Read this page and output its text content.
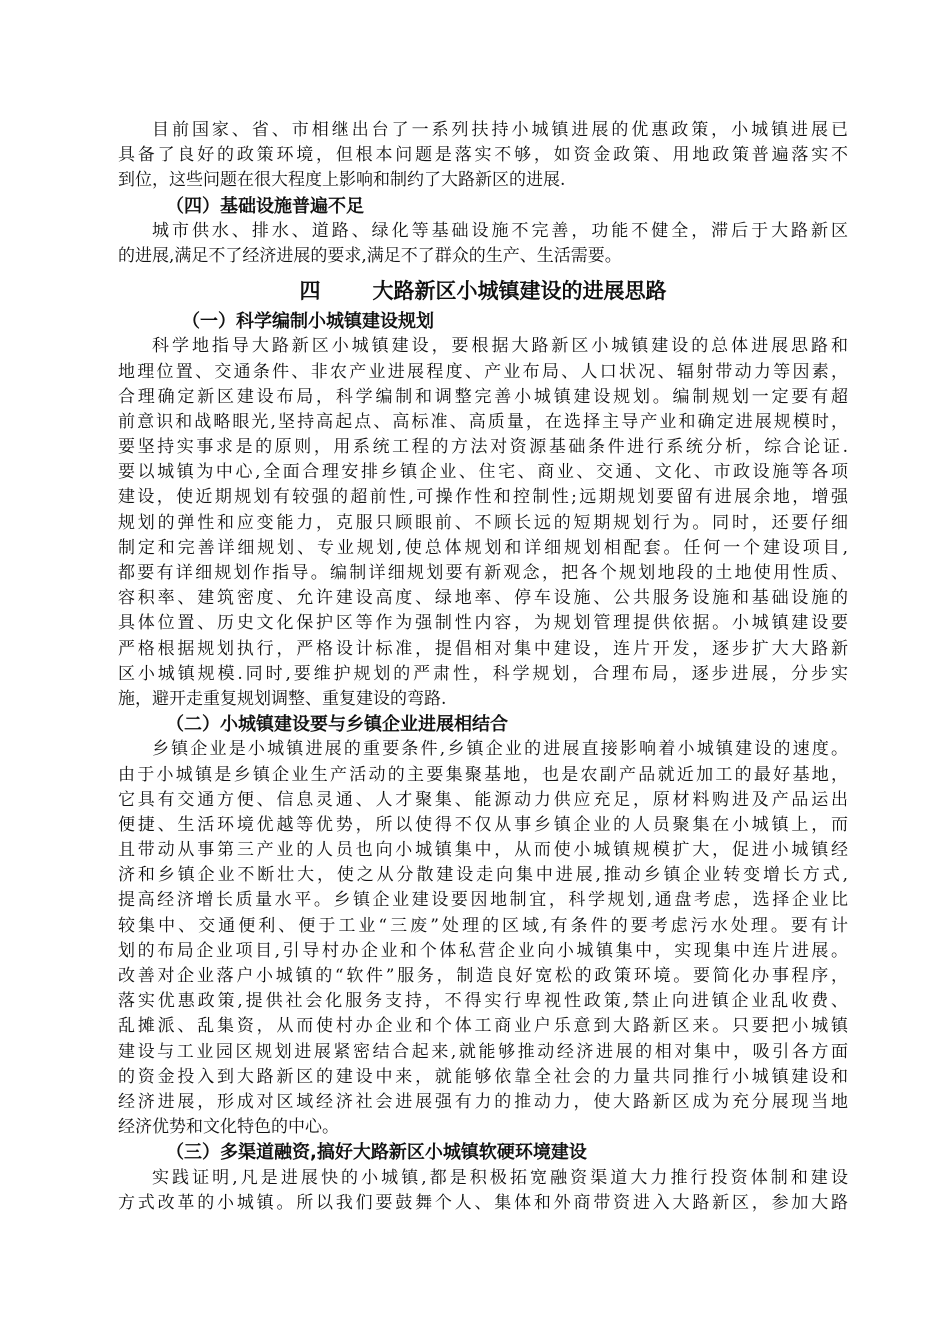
目前国家、省、市相继出台了一系列扶持小城镇进展的优惠政策，小城镇进展已
具备了良好的政策环境，但根本问题是落实不够，如资金政策、用地政策普遍落实不
到位，这些问题在很大程度上影响和制约了大路新区的进展.
（四）基础设施普遍不足
城市供水、排水、道路、绿化等基础设施不完善，功能不健全，滞后于大路新区
的进展,满足不了经济进展的要求,满足不了群众的生产、生活需要。
四 大路新区小城镇建设的进展思路
（一）科学编制小城镇建设规划
科学地指导大路新区小城镇建设，要根据大路新区小城镇建设的总体进展思路和
地理位置、交通条件、非农产业进展程度、产业布局、人口状况、辐射带动力等因素，
合理确定新区建设布局，科学编制和调整完善小城镇建设规划。编制规划一定要有超
前意识和战略眼光,坚持高起点、高标准、高质量，在选择主导产业和确定进展规模时，
要坚持实事求是的原则，用系统工程的方法对资源基础条件进行系统分析，综合论证.
要以城镇为中心,全面合理安排乡镇企业、住宅、商业、交通、文化、市政设施等各项
建设，使近期规划有较强的超前性,可操作性和控制性;远期规划要留有进展余地，增强
规划的弹性和应变能力，克服只顾眼前、不顾长远的短期规划行为。同时，还要仔细
制定和完善详细规划、专业规划,使总体规划和详细规划相配套。任何一个建设项目,
都要有详细规划作指导。编制详细规划要有新观念，把各个规划地段的土地使用性质、
容积率、建筑密度、允许建设高度、绿地率、停车设施、公共服务设施和基础设施的
具体位置、历史文化保护区等作为强制性内容，为规划管理提供依据。小城镇建设要
严格根据规划执行，严格设计标准，提倡相对集中建设，连片开发，逐步扩大大路新
区小城镇规模.同时,要维护规划的严肃性，科学规划，合理布局，逐步进展，分步实
施，避开走重复规划调整、重复建设的弯路.
（二）小城镇建设要与乡镇企业进展相结合
乡镇企业是小城镇进展的重要条件,乡镇企业的进展直接影响着小城镇建设的速度。
由于小城镇是乡镇企业生产活动的主要集聚基地，也是农副产品就近加工的最好基地，
它具有交通方便、信息灵通、人才聚集、能源动力供应充足，原材料购进及产品运出
便捷、生活环境优越等优势，所以使得不仅从事乡镇企业的人员聚集在小城镇上，而
且带动从事第三产业的人员也向小城镇集中，从而使小城镇规模扩大，促进小城镇经
济和乡镇企业不断壮大，使之从分散建设走向集中进展,推动乡镇企业转变增长方式,
提高经济增长质量水平。乡镇企业建设要因地制宜，科学规划,通盘考虑，选择企业比
较集中、交通便利、便于工业“三废”处理的区域,有条件的要考虑污水处理。要有计
划的布局企业项目,引导村办企业和个体私营企业向小城镇集中，实现集中连片进展。
改善对企业落户小城镇的“软件”服务，制造良好宽松的政策环境。要简化办事程序，
落实优惠政策,提供社会化服务支持，不得实行卑视性政策,禁止向进镇企业乱收费、
乱摊派、乱集资，从而使村办企业和个体工商业户乐意到大路新区来。只要把小城镇
建设与工业园区规划进展紧密结合起来,就能够推动经济进展的相对集中，吸引各方面
的资金投入到大路新区的建设中来，就能够依靠全社会的力量共同推行小城镇建设和
经济进展，形成对区域经济社会进展强有力的推动力，使大路新区成为充分展现当地
经济优势和文化特色的中心。
（三）多渠道融资,搞好大路新区小城镇软硬环境建设
实践证明,凡是进展快的小城镇,都是积极拓宽融资渠道大力推行投资体制和建设
方式改革的小城镇。所以我们要鼓舞个人、集体和外商带资进入大路新区，参加大路
